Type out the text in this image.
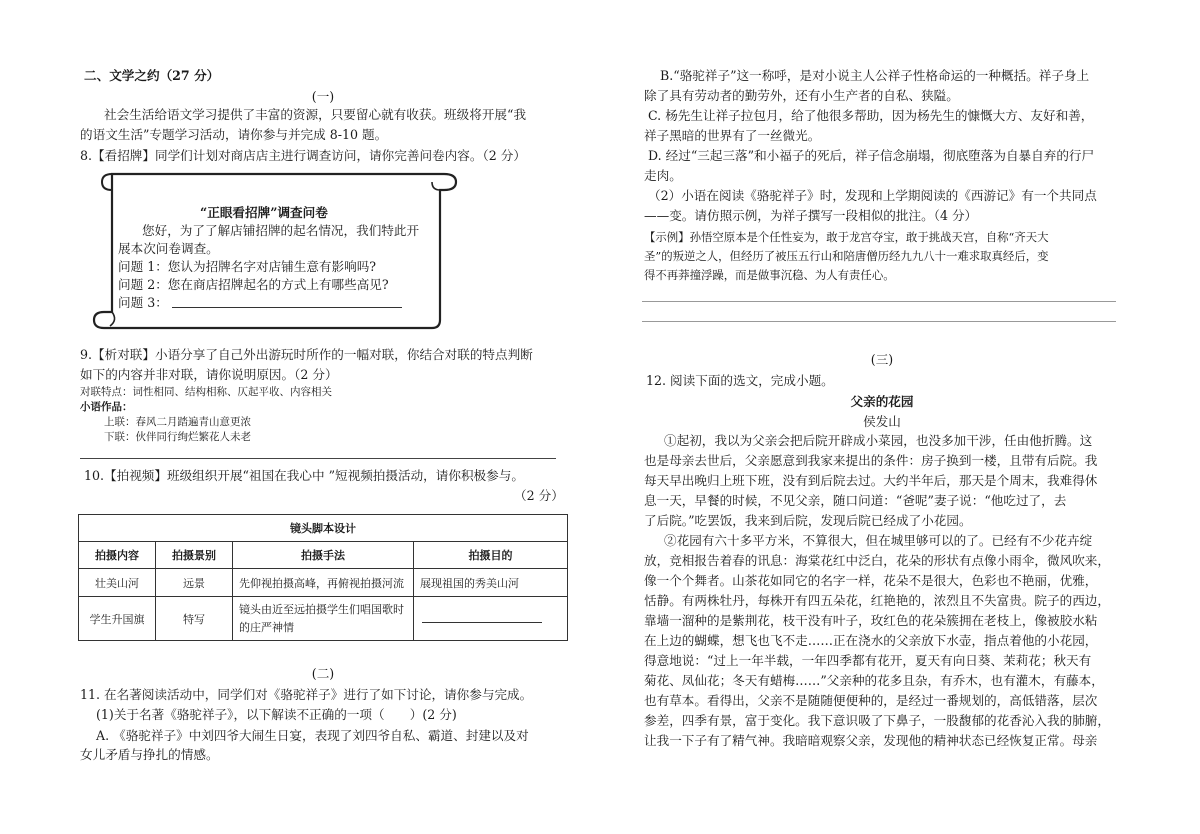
二、文学之约（27 分）
(一)
社会生活给语文学习提供了丰富的资源，只要留心就有收获。班级将开展“我
的语文生活”专题学习活动，请你参与并完成 8-10 题。
8.【看招牌】同学们计划对商店店主进行调查访问，请你完善问卷内容。（2 分）
“正眼看招牌”调查问卷
您好，为了了解店铺招牌的起名情况，我们特此开
展本次问卷调查。
问题 1：您认为招牌名字对店铺生意有影响吗?
问题 2：您在商店招牌起名的方式上有哪些高见?
问题 3：
9.【析对联】小语分享了自己外出游玩时所作的一幅对联，你结合对联的特点判断
如下的内容并非对联，请你说明原因。（2 分）
对联特点：词性相同、结构相称、仄起平收、内容相关
小语作品：
上联：春风二月踏遍青山意更浓
下联：伙伴同行绚烂繁花人未老
10.【拍视频】班级组织开展“祖国在我心中 ”短视频拍摄活动，请你积极参与。
（2 分）
镜头脚本设计			
拍摄内容	拍摄景别	拍摄手法	拍摄目的
壮美山河	远景	先仰视拍摄高峰，再俯视拍摄河流	展现祖国的秀美山河
学生升国旗	特写	镜头由近至远拍摄学生们唱国歌时的庄严神情	
(二)
11. 在名著阅读活动中，同学们对《骆驼祥子》进行了如下讨论，请你参与完成。
(1)关于名著《骆驼祥子》，以下解读不正确的一项（　　）(2 分)
A. 《骆驼祥子》中刘四爷大闹生日宴，表现了刘四爷自私、霸道、封建以及对
女儿矛盾与挣扎的情感。
B.“骆驼祥子”这一称呼，是对小说主人公祥子性格命运的一种概括。祥子身上
除了具有劳动者的勤劳外，还有小生产者的自私、狭隘。
C. 杨先生让祥子拉包月，给了他很多帮助，因为杨先生的慷慨大方、友好和善，
祥子黑暗的世界有了一丝微光。
D. 经过“三起三落”和小福子的死后，祥子信念崩塌，彻底堕落为自暴自弃的行尸
走肉。
（2）小语在阅读《骆驼祥子》时，发现和上学期阅读的《西游记》有一个共同点
——变。请仿照示例，为祥子撰写一段相似的批注。（4 分）
【示例】孙悟空原本是个任性妄为，敢于龙宫夺宝，敢于挑战天宫，自称“齐天大
圣”的叛逆之人，但经历了被压五行山和陪唐僧历经九九八十一难求取真经后，变
得不再莽撞浮躁，而是做事沉稳、为人有责任心。
(三)
12. 阅读下面的选文，完成小题。
父亲的花园
侯发山
①起初，我以为父亲会把后院开辟成小菜园，也没多加干涉，任由他折腾。这
也是母亲去世后，父亲愿意到我家来提出的条件：房子换到一楼，且带有后院。我
每天早出晚归上班下班，没有到后院去过。大约半年后，那天是个周末，我难得休
息一天，早餐的时候，不见父亲，随口问道：“爸呢”妻子说：“他吃过了，去
了后院。”吃罢饭，我来到后院，发现后院已经成了小花园。
②花园有六十多平方米，不算很大，但在城里够可以的了。已经有不少花卉绽
放，竞相报告着春的讯息：海棠花红中泛白，花朵的形状有点像小雨伞，微风吹来，
像一个个舞者。山茶花如同它的名字一样，花朵不是很大，色彩也不艳丽，优雅，
恬静。有两株牡丹，每株开有四五朵花，红艳艳的，浓烈且不失富贵。院子的西边，
靠墙一溜种的是紫荆花，枝干没有叶子，玫红色的花朵簇拥在老枝上，像被胶水粘
在上边的蝴蝶，想飞也飞不走……正在浇水的父亲放下水壶，指点着他的小花园，
得意地说：“过上一年半载，一年四季都有花开，夏天有向日葵、茉莉花；秋天有
菊花、凤仙花；冬天有蜡梅……”父亲种的花多且杂，有乔木，也有灌木，有藤本，
也有草本。看得出，父亲不是随随便便种的，是经过一番规划的，高低错落，层次
参差，四季有景，富于变化。我下意识吸了下鼻子，一股馥郁的花香沁入我的肺腑，
让我一下子有了精气神。我暗暗观察父亲，发现他的精神状态已经恢复正常。母亲
